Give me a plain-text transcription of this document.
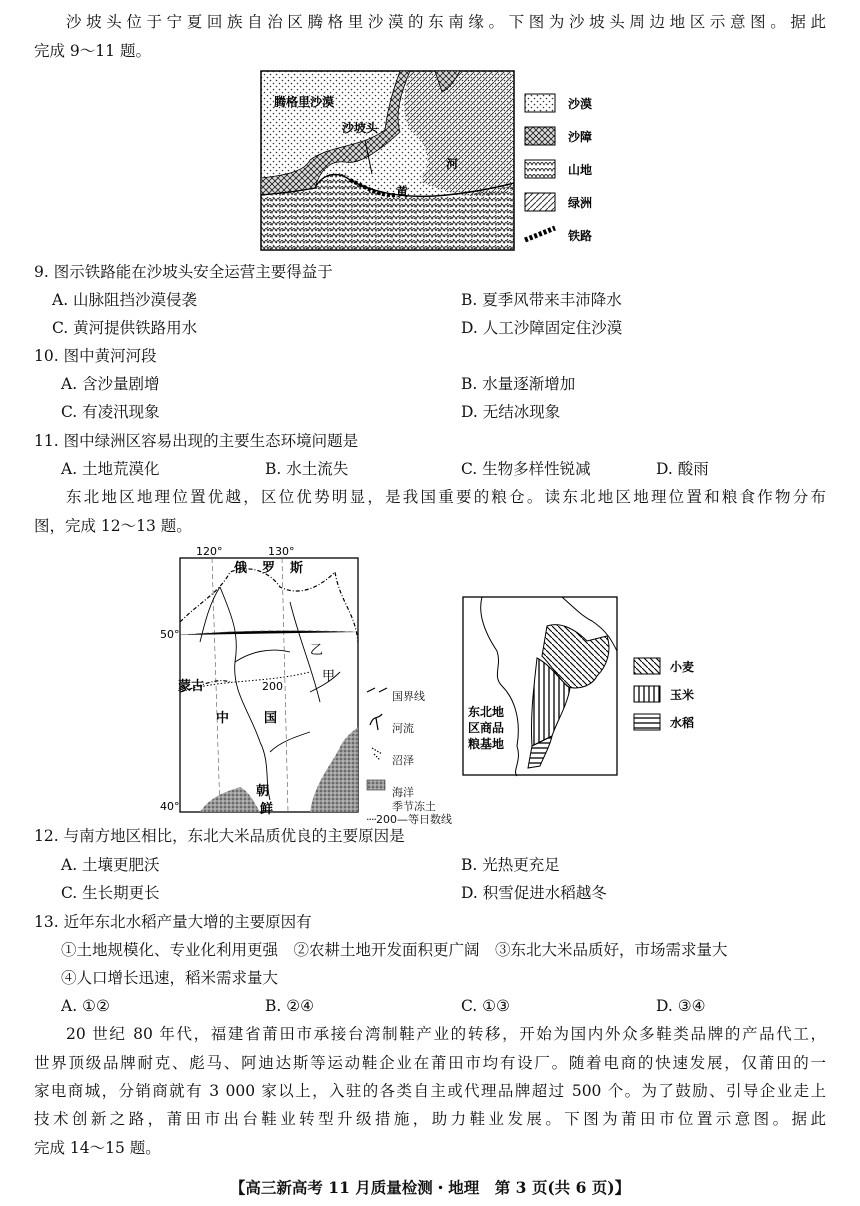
沙坡头位于宁夏回族自治区腾格里沙漠的东南缘。下图为沙坡头周边地区示意图。据此
完成 9～11 题。
腾格里沙漠
沙坡头
黄
河
沙漠
沙障
山地
绿洲
铁路
9. 图示铁路能在沙坡头安全运营主要得益于
A. 山脉阻挡沙漠侵袭	B. 夏季风带来丰沛降水
C. 黄河提供铁路用水	D. 人工沙障固定住沙漠
10. 图中黄河河段
A. 含沙量剧增	B. 水量逐渐增加
C. 有凌汛现象	D. 无结冰现象
11. 图中绿洲区容易出现的主要生态环境问题是
A. 土地荒漠化	B. 水土流失	C. 生物多样性锐减	D. 酸雨
东北地区地理位置优越，区位优势明显，是我国重要的粮仓。读东北地区地理位置和粮食作物分布
图，完成 12～13 题。
120°	130°
50°
40°
俄 罗 斯
乙
甲
蒙古	200
中	国
朝
鲜
国界线
河流
沼泽
海洋
季节冻土
····200—等日数线
东北地
区商品
粮基地
小麦
玉米
水稻
12. 与南方地区相比，东北大米品质优良的主要原因是
A. 土壤更肥沃	B. 光热更充足
C. 生长期更长	D. 积雪促进水稻越冬
13. 近年东北水稻产量大增的主要原因有
①土地规模化、专业化利用更强　②农耕土地开发面积更广阔　③东北大米品质好，市场需求量大
④人口增长迅速，稻米需求量大
A. ①②	B. ②④	C. ①③	D. ③④
20 世纪 80 年代，福建省莆田市承接台湾制鞋产业的转移，开始为国内外众多鞋类品牌的产品代工，
世界顶级品牌耐克、彪马、阿迪达斯等运动鞋企业在莆田市均有设厂。随着电商的快速发展，仅莆田的一
家电商城，分销商就有 3 000 家以上，入驻的各类自主或代理品牌超过 500 个。为了鼓励、引导企业走上
技术创新之路，莆田市出台鞋业转型升级措施，助力鞋业发展。下图为莆田市位置示意图。据此
完成 14～15 题。
【高三新高考 11 月质量检测・地理　第 3 页(共 6 页)】
